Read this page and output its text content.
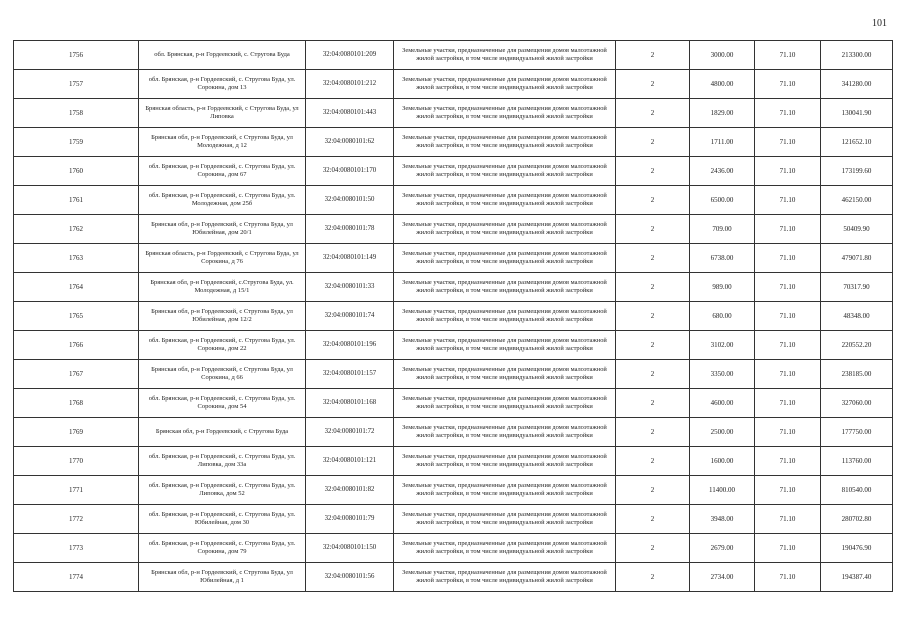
101
1756	обл. Брянская, р-н Гордеевский, с. Струговa Буда	32:04:0080101:209	Земельные участки, предназначенные для размещения домов малоэтажной жилой застройки, в том числе индивидуальной жилой застройки	2	3000.00	71.10	213300.00
1757	обл. Брянская, р-н Гордеевский, с. Струговa Буда, ул. Сорокинa, дом 13	32:04:0080101:212	Земельные участки, предназначенные для размещения домов малоэтажной жилой застройки, в том числе индивидуальной жилой застройки	2	4800.00	71.10	341280.00
1758	Брянская область, р-н Гордеевский, с Струговa Буда, ул Липовка	32:04:0080101:443	Земельные участки, предназначенные для размещения домов малоэтажной жилой застройки, в том числе индивидуальной жилой застройки	2	1829.00	71.10	130041.90
1759	Брянская обл, р-н Гордеевский, с Струговa Буда, ул Молодежная, д 12	32:04:0080101:62	Земельные участки, предназначенные для размещения домов малоэтажной жилой застройки, в том числе индивидуальной жилой застройки	2	1711.00	71.10	121652.10
1760	обл. Брянская, р-н Гордеевский, с. Струговa Буда, ул. Сорокинa, дом 67	32:04:0080101:170	Земельные участки, предназначенные для размещения домов малоэтажной жилой застройки, в том числе индивидуальной жилой застройки	2	2436.00	71.10	173199.60
1761	обл. Брянская, р-н Гордеевский, с. Струговa Буда, ул. Молодежная, дом 25б	32:04:0080101:50	Земельные участки, предназначенные для размещения домов малоэтажной жилой застройки, в том числе индивидуальной жилой застройки	2	6500.00	71.10	462150.00
1762	Брянская обл, р-н Гордеевский, с Струговa Буда, ул Юбилейная, дом 20/1	32:04:0080101:78	Земельные участки, предназначенные для размещения домов малоэтажной жилой застройки, в том числе индивидуальной жилой застройки	2	709.00	71.10	50409.90
1763	Брянская область, р-н Гордеевский, с Струговa Буда, ул Сорокинa, д 76	32:04:0080101:149	Земельные участки, предназначенные для размещения домов малоэтажной жилой застройки, в том числе индивидуальной жилой застройки	2	6738.00	71.10	479071.80
1764	Брянская обл, р-н Гордеевский, с.Струговa Буда, ул. Молодежная, д 15/1	32:04:0080101:33	Земельные участки, предназначенные для размещения домов малоэтажной жилой застройки, в том числе индивидуальной жилой застройки	2	989.00	71.10	70317.90
1765	Брянская обл, р-н Гордеевский, с Струговa Буда, ул Юбилейная, дом 12/2	32:04:0080101:74	Земельные участки, предназначенные для размещения домов малоэтажной жилой застройки, в том числе индивидуальной жилой застройки	2	680.00	71.10	48348.00
1766	обл. Брянская, р-н Гордеевский, с. Струговa Буда, ул. Сорокинa, дом 22	32:04:0080101:196	Земельные участки, предназначенные для размещения домов малоэтажной жилой застройки, в том числе индивидуальной жилой застройки	2	3102.00	71.10	220552.20
1767	Брянская обл, р-н Гордеевский, с Струговa Буда, ул Сорокинa, д 66	32:04:0080101:157	Земельные участки, предназначенные для размещения домов малоэтажной жилой застройки, в том числе индивидуальной жилой застройки	2	3350.00	71.10	238185.00
1768	обл. Брянская, р-н Гордеевский, с. Струговa Буда, ул. Сорокинa, дом 54	32:04:0080101:168	Земельные участки, предназначенные для размещения домов малоэтажной жилой застройки, в том числе индивидуальной жилой застройки	2	4600.00	71.10	327060.00
1769	Брянская обл, р-н Гордеевский, с Струговa Буда	32:04:0080101:72	Земельные участки, предназначенные для размещения домов малоэтажной жилой застройки, в том числе индивидуальной жилой застройки	2	2500.00	71.10	177750.00
1770	обл. Брянская, р-н Гордеевский, с. Струговa Буда, ул. Липовка, дом 33а	32:04:0080101:121	Земельные участки, предназначенные для размещения домов малоэтажной жилой застройки, в том числе индивидуальной жилой застройки	2	1600.00	71.10	113760.00
1771	обл. Брянская, р-н Гордеевский, с. Струговa Буда, ул. Липовка, дом 52	32:04:0080101:82	Земельные участки, предназначенные для размещения домов малоэтажной жилой застройки, в том числе индивидуальной жилой застройки	2	11400.00	71.10	810540.00
1772	обл. Брянская, р-н Гордеевский, с. Струговa Буда, ул. Юбилейная, дом 30	32:04:0080101:79	Земельные участки, предназначенные для размещения домов малоэтажной жилой застройки, в том числе индивидуальной жилой застройки	2	3948.00	71.10	280702.80
1773	обл. Брянская, р-н Гордеевский, с. Струговa Буда, ул. Сорокинa, дом 79	32:04:0080101:150	Земельные участки, предназначенные для размещения домов малоэтажной жилой застройки, в том числе индивидуальной жилой застройки	2	2679.00	71.10	190476.90
1774	Брянская обл, р-н Гордеевский, с Струговa Буда, ул Юбилейная, д 1	32:04:0080101:56	Земельные участки, предназначенные для размещения домов малоэтажной жилой застройки, в том числе индивидуальной жилой застройки	2	2734.00	71.10	194387.40
